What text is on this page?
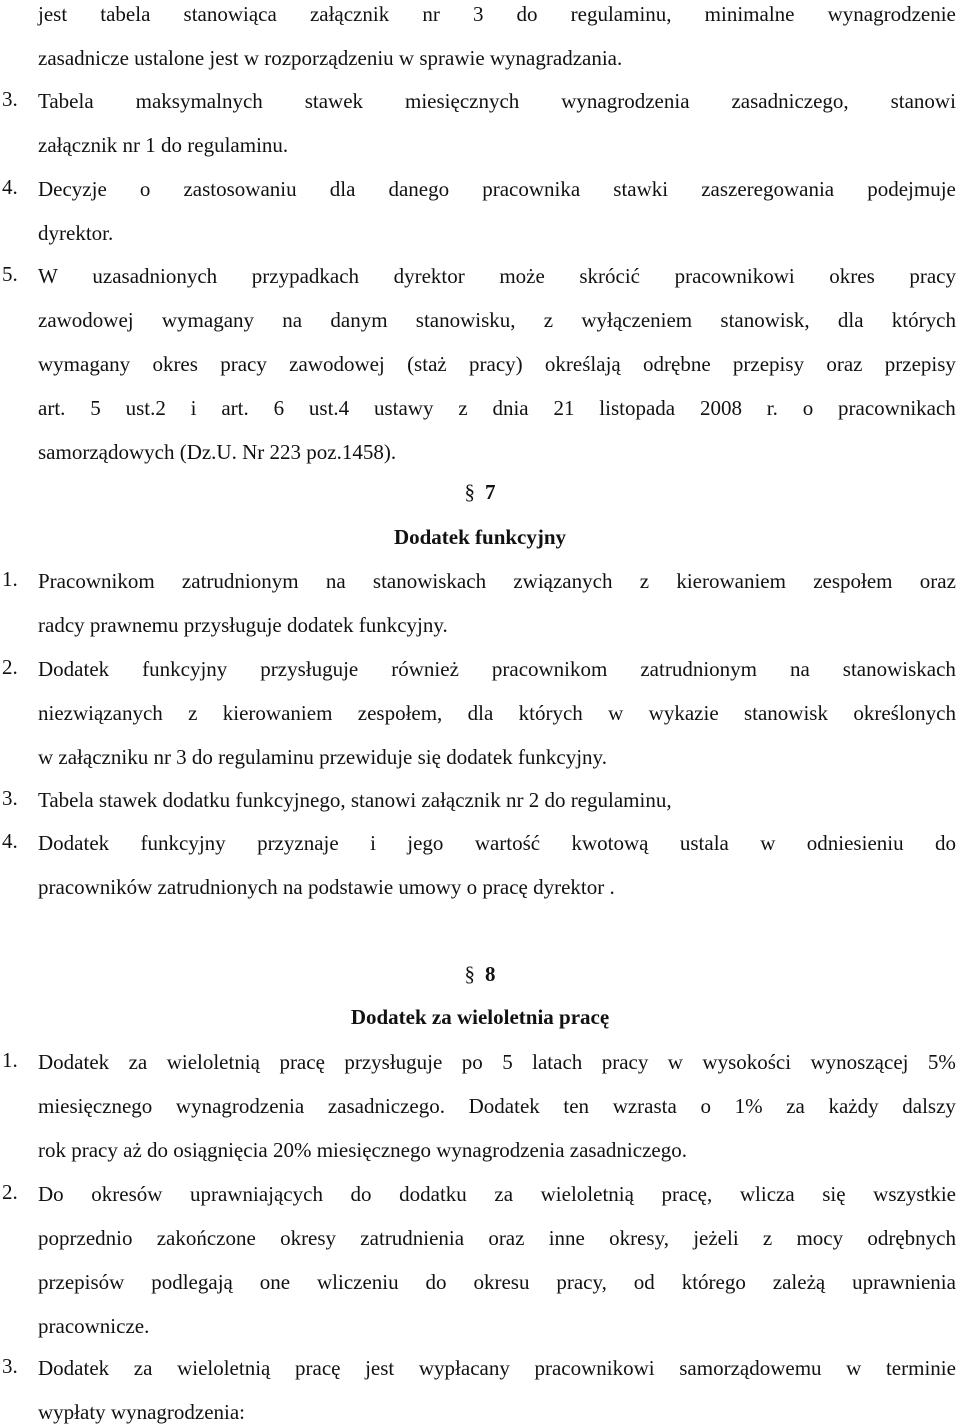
jest tabela stanowiąca załącznik nr 3 do regulaminu, minimalne wynagrodzenie
zasadnicze ustalone jest w rozporządzeniu w sprawie wynagradzania.
3. Tabela maksymalnych stawek miesięcznych wynagrodzenia zasadniczego, stanowi
załącznik nr 1 do regulaminu.
4. Decyzje o zastosowaniu dla danego pracownika stawki zaszeregowania podejmuje
dyrektor.
5. W uzasadnionych przypadkach dyrektor może skrócić pracownikowi okres pracy
zawodowej wymagany na danym stanowisku, z wyłączeniem stanowisk, dla których
wymagany okres pracy zawodowej (staż pracy) określają odrębne przepisy oraz przepisy
art. 5 ust.2 i art. 6 ust.4 ustawy z dnia 21 listopada 2008 r. o pracownikach
samorządowych (Dz.U. Nr 223 poz.1458).
§ 7
Dodatek funkcyjny
1. Pracownikom zatrudnionym na stanowiskach związanych z kierowaniem zespołem oraz
radcy prawnemu przysługuje dodatek funkcyjny.
2. Dodatek funkcyjny przysługuje również pracownikom zatrudnionym na stanowiskach
niezwiązanych z kierowaniem zespołem, dla których w wykazie stanowisk określonych
w załączniku nr 3 do regulaminu przewiduje się dodatek funkcyjny.
3. Tabela stawek dodatku funkcyjnego, stanowi załącznik nr 2 do regulaminu,
4. Dodatek funkcyjny przyznaje i jego wartość kwotową ustala w odniesieniu do
pracowników zatrudnionych na podstawie umowy o pracę dyrektor .
§ 8
Dodatek za wieloletnia pracę
1. Dodatek za wieloletnią pracę przysługuje po 5 latach pracy w wysokości wynoszącej 5%
miesięcznego wynagrodzenia zasadniczego. Dodatek ten wzrasta o 1% za każdy dalszy
rok pracy aż do osiągnięcia 20% miesięcznego wynagrodzenia zasadniczego.
2. Do okresów uprawniających do dodatku za wieloletnią pracę, wlicza się wszystkie
poprzednio zakończone okresy zatrudnienia oraz inne okresy, jeżeli z mocy odrębnych
przepisów podlegają one wliczeniu do okresu pracy, od którego zależą uprawnienia
pracownicze.
3. Dodatek za wieloletnią pracę jest wypłacany pracownikowi samorządowemu w terminie
wypłaty wynagrodzenia:
